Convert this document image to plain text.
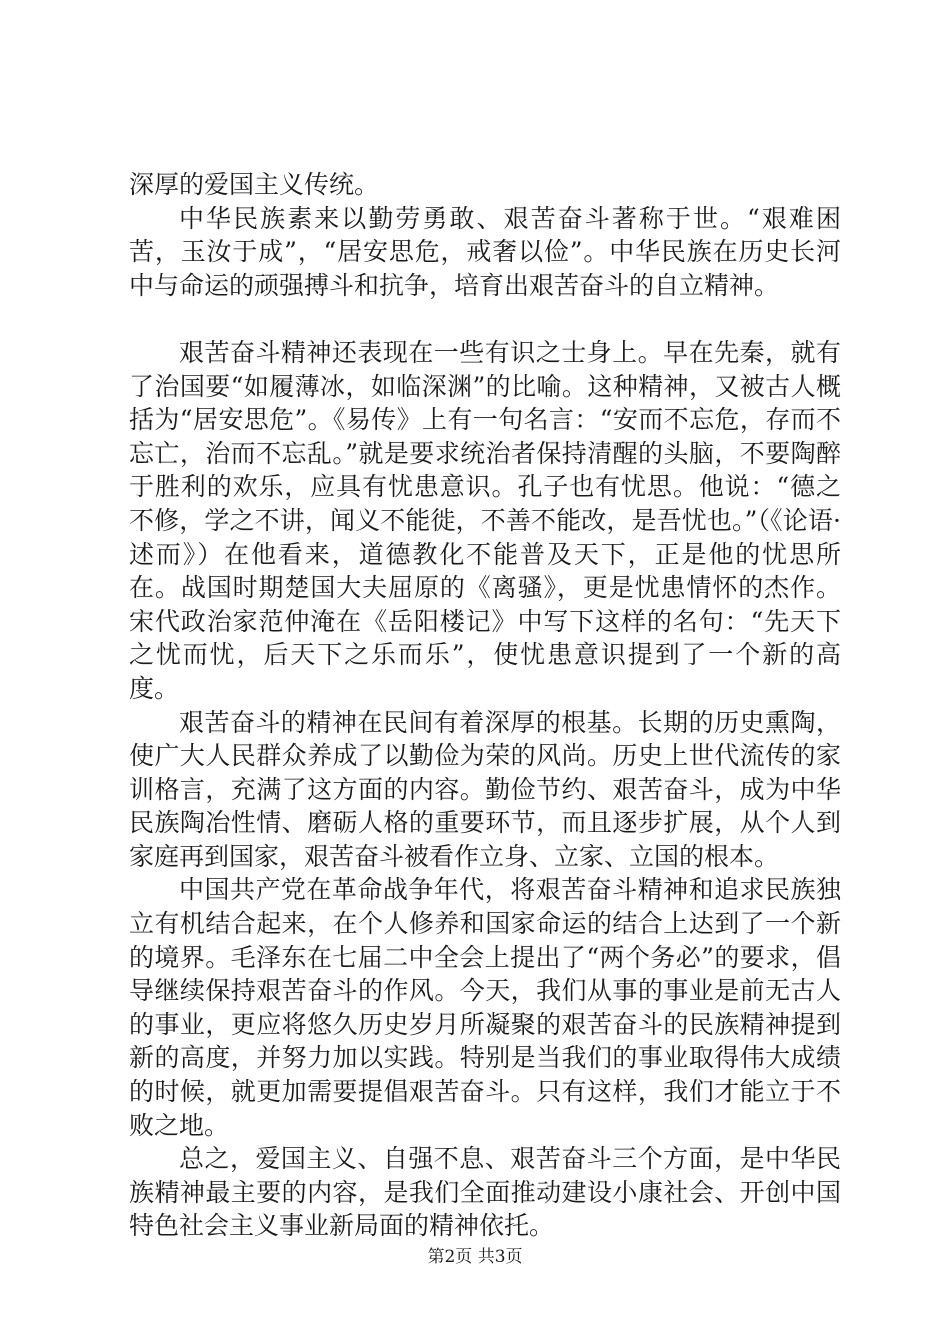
深厚的爱国主义传统。

中华民族素来以勤劳勇敢、艰苦奋斗著称于世。“艰难困苦，玉汝于成”，“居安思危，戒奢以俭”。中华民族在历史长河中与命运的顽强搏斗和抗争，培育出艰苦奋斗的自立精神。

艰苦奋斗精神还表现在一些有识之士身上。早在先秦，就有了治国要“如履薄冰，如临深渊”的比喻。这种精神，又被古人概括为“居安思危”。《易传》上有一句名言：“安而不忘危，存而不忘亡，治而不忘乱。”就是要求统治者保持清醒的头脑，不要陶醉于胜利的欢乐，应具有忧患意识。孔子也有忧思。他说：“德之不修，学之不讲，闻义不能徙，不善不能改，是吾忧也。”（《论语·述而》）在他看来，道德教化不能普及天下，正是他的忧思所在。战国时期楚国大夫屈原的《离骚》，更是忧患情怀的杰作。宋代政治家范仲淹在《岳阳楼记》中写下这样的名句：“先天下之忧而忧，后天下之乐而乐”，使忧患意识提到了一个新的高度。

艰苦奋斗的精神在民间有着深厚的根基。长期的历史熏陶，使广大人民群众养成了以勤俭为荣的风尚。历史上世代流传的家训格言，充满了这方面的内容。勤俭节约、艰苦奋斗，成为中华民族陶冶性情、磨砺人格的重要环节，而且逐步扩展，从个人到家庭再到国家，艰苦奋斗被看作立身、立家、立国的根本。

中国共产党在革命战争年代，将艰苦奋斗精神和追求民族独立有机结合起来，在个人修养和国家命运的结合上达到了一个新的境界。毛泽东在七届二中全会上提出了“两个务必”的要求，倡导继续保持艰苦奋斗的作风。今天，我们从事的事业是前无古人的事业，更应将悠久历史岁月所凝聚的艰苦奋斗的民族精神提到新的高度，并努力加以实践。特别是当我们的事业取得伟大成绩的时候，就更加需要提倡艰苦奋斗。只有这样，我们才能立于不败之地。

总之，爱国主义、自强不息、艰苦奋斗三个方面，是中华民族精神最主要的内容，是我们全面推动建设小康社会、开创中国特色社会主义事业新局面的精神依托。

第2页 共3页
